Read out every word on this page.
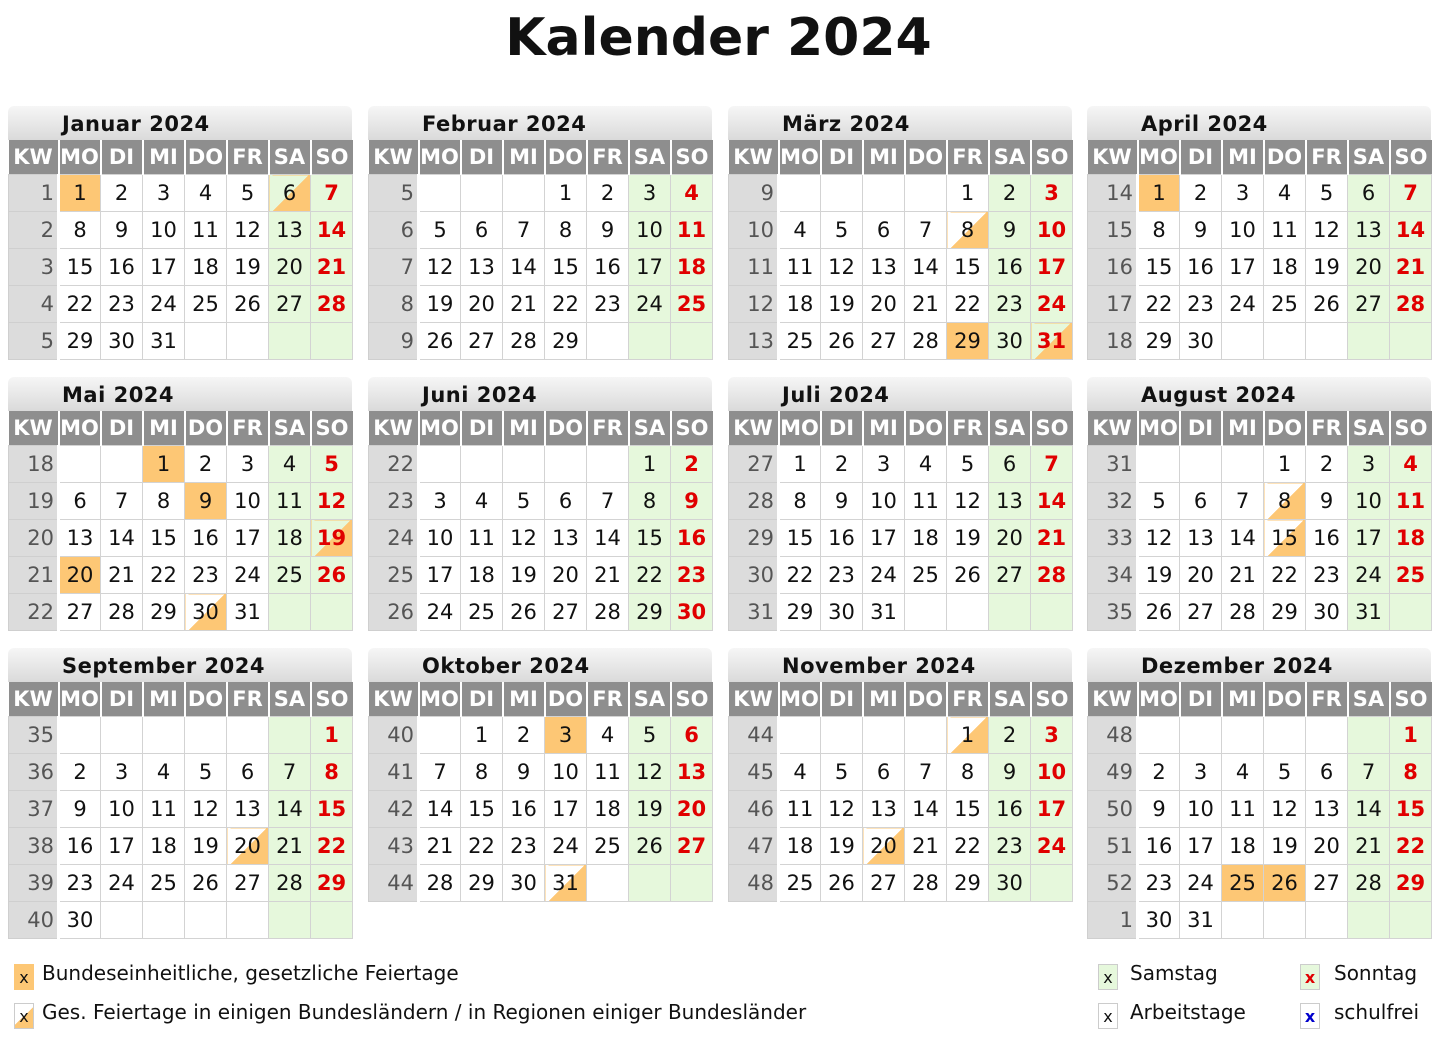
Kalender 2024
Januar 2024
KW	MO	DI	MI	DO	FR	SA	SO
1	1	2	3	4	5	6	7
2	8	9	10	11	12	13	14
3	15	16	17	18	19	20	21
4	22	23	24	25	26	27	28
5	29	30	31				
Februar 2024
KW	MO	DI	MI	DO	FR	SA	SO
5				1	2	3	4
6	5	6	7	8	9	10	11
7	12	13	14	15	16	17	18
8	19	20	21	22	23	24	25
9	26	27	28	29			
März 2024
KW	MO	DI	MI	DO	FR	SA	SO
9					1	2	3
10	4	5	6	7	8	9	10
11	11	12	13	14	15	16	17
12	18	19	20	21	22	23	24
13	25	26	27	28	29	30	31
April 2024
KW	MO	DI	MI	DO	FR	SA	SO
14	1	2	3	4	5	6	7
15	8	9	10	11	12	13	14
16	15	16	17	18	19	20	21
17	22	23	24	25	26	27	28
18	29	30					
Mai 2024
KW	MO	DI	MI	DO	FR	SA	SO
18			1	2	3	4	5
19	6	7	8	9	10	11	12
20	13	14	15	16	17	18	19
21	20	21	22	23	24	25	26
22	27	28	29	30	31		
Juni 2024
KW	MO	DI	MI	DO	FR	SA	SO
22						1	2
23	3	4	5	6	7	8	9
24	10	11	12	13	14	15	16
25	17	18	19	20	21	22	23
26	24	25	26	27	28	29	30
Juli 2024
KW	MO	DI	MI	DO	FR	SA	SO
27	1	2	3	4	5	6	7
28	8	9	10	11	12	13	14
29	15	16	17	18	19	20	21
30	22	23	24	25	26	27	28
31	29	30	31				
August 2024
KW	MO	DI	MI	DO	FR	SA	SO
31				1	2	3	4
32	5	6	7	8	9	10	11
33	12	13	14	15	16	17	18
34	19	20	21	22	23	24	25
35	26	27	28	29	30	31	
September 2024
KW	MO	DI	MI	DO	FR	SA	SO
35							1
36	2	3	4	5	6	7	8
37	9	10	11	12	13	14	15
38	16	17	18	19	20	21	22
39	23	24	25	26	27	28	29
40	30						
Oktober 2024
KW	MO	DI	MI	DO	FR	SA	SO
40		1	2	3	4	5	6
41	7	8	9	10	11	12	13
42	14	15	16	17	18	19	20
43	21	22	23	24	25	26	27
44	28	29	30	31			
November 2024
KW	MO	DI	MI	DO	FR	SA	SO
44					1	2	3
45	4	5	6	7	8	9	10
46	11	12	13	14	15	16	17
47	18	19	20	21	22	23	24
48	25	26	27	28	29	30	
Dezember 2024
KW	MO	DI	MI	DO	FR	SA	SO
48							1
49	2	3	4	5	6	7	8
50	9	10	11	12	13	14	15
51	16	17	18	19	20	21	22
52	23	24	25	26	27	28	29
1	30	31					
x Bundeseinheitliche, gesetzliche Feiertage
x Ges. Feiertage in einigen Bundesländern / in Regionen einiger Bundesländer
x Samstag
x Arbeitstage
x Sonntag
x schulfrei
